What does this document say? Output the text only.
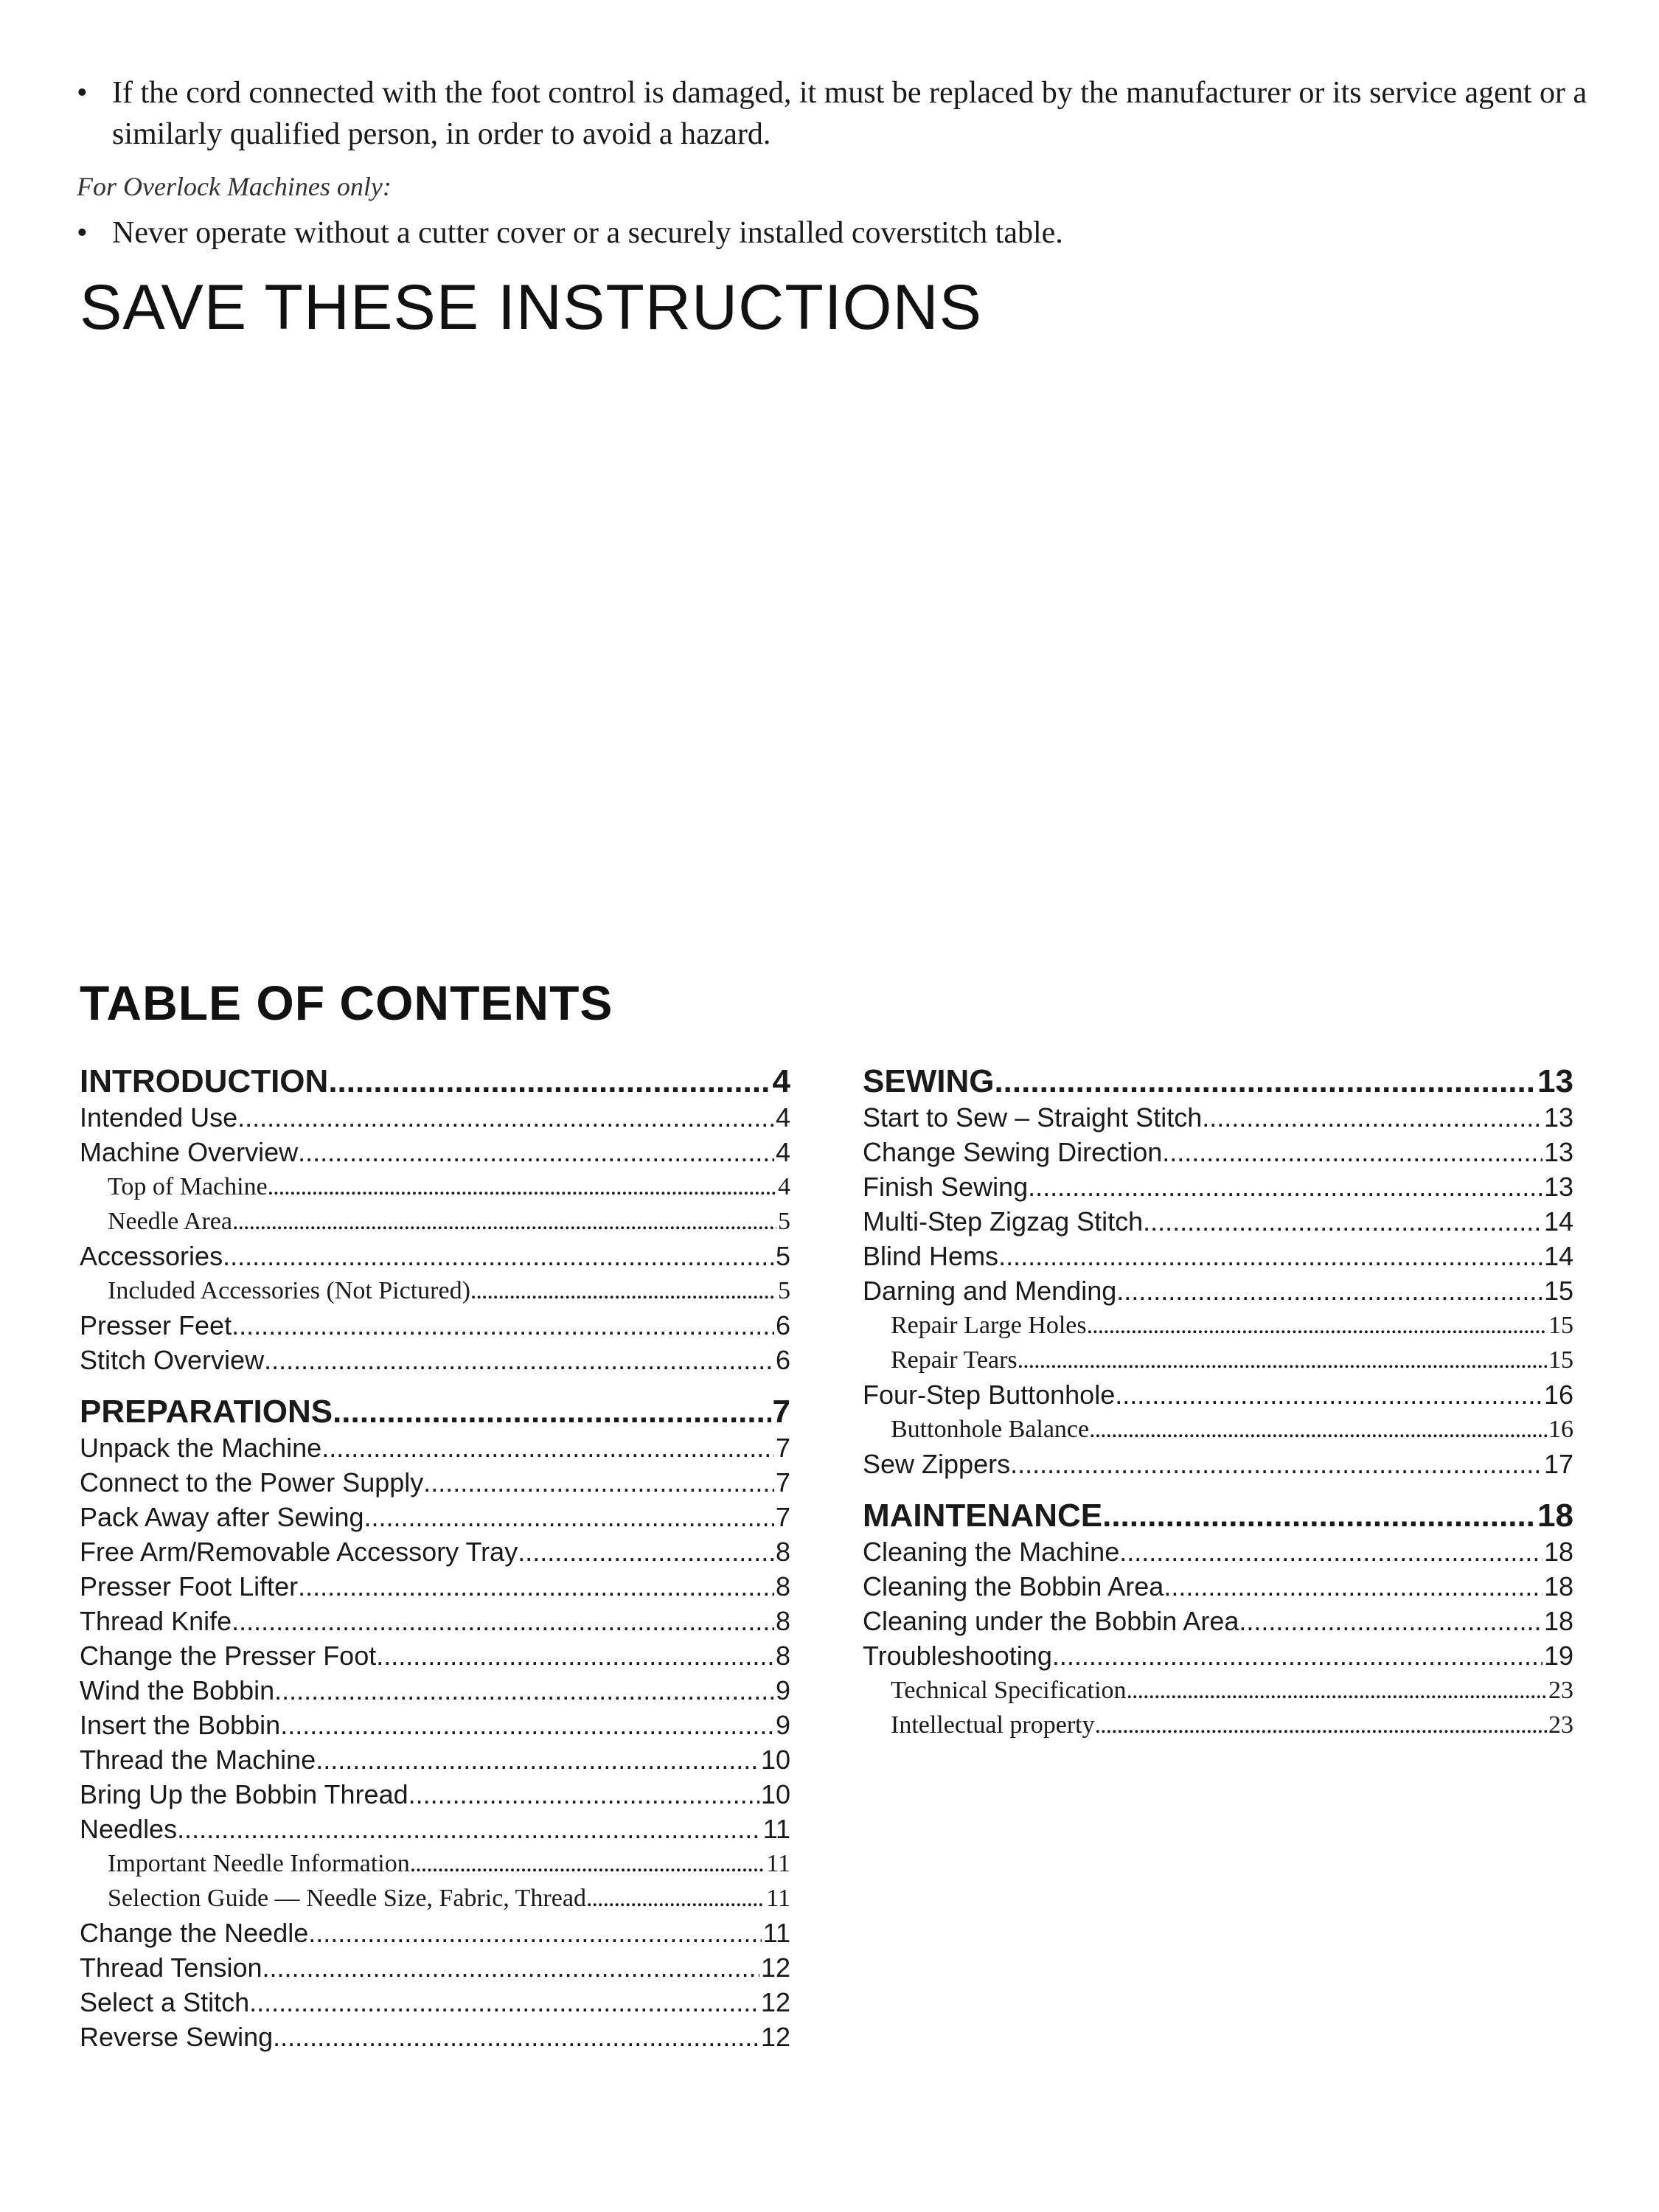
• If the cord connected with the foot control is damaged, it must be replaced by the manufacturer or its service agent or a similarly qualified person, in order to avoid a hazard.
For Overlock Machines only:
• Never operate without a cutter cover or a securely installed coverstitch table.
SAVE THESE INSTRUCTIONS
TABLE OF CONTENTS
INTRODUCTION .....	4
Intended Use .....	4
Machine Overview .....	4
Top of Machine .....	4
Needle Area .....	5
Accessories .....	5
Included Accessories (Not Pictured) .....	5
Presser Feet .....	6
Stitch Overview .....	6
PREPARATIONS .....	7
Unpack the Machine .....	7
Connect to the Power Supply .....	7
Pack Away after Sewing .....	7
Free Arm/Removable Accessory Tray .....	8
Presser Foot Lifter .....	8
Thread Knife .....	8
Change the Presser Foot .....	8
Wind the Bobbin .....	9
Insert the Bobbin .....	9
Thread the Machine .....	10
Bring Up the Bobbin Thread .....	10
Needles .....	11
Important Needle Information .....	11
Selection Guide — Needle Size, Fabric, Thread .....	11
Change the Needle .....	11
Thread Tension .....	12
Select a Stitch .....	12
Reverse Sewing .....	12
SEWING .....	13
Start to Sew – Straight Stitch .....	13
Change Sewing Direction .....	13
Finish Sewing .....	13
Multi-Step Zigzag Stitch .....	14
Blind Hems .....	14
Darning and Mending .....	15
Repair Large Holes .....	15
Repair Tears .....	15
Four-Step Buttonhole .....	16
Buttonhole Balance .....	16
Sew Zippers .....	17
MAINTENANCE .....	18
Cleaning the Machine .....	18
Cleaning the Bobbin Area .....	18
Cleaning under the Bobbin Area .....	18
Troubleshooting .....	19
Technical Specification .....	23
Intellectual property .....	23
